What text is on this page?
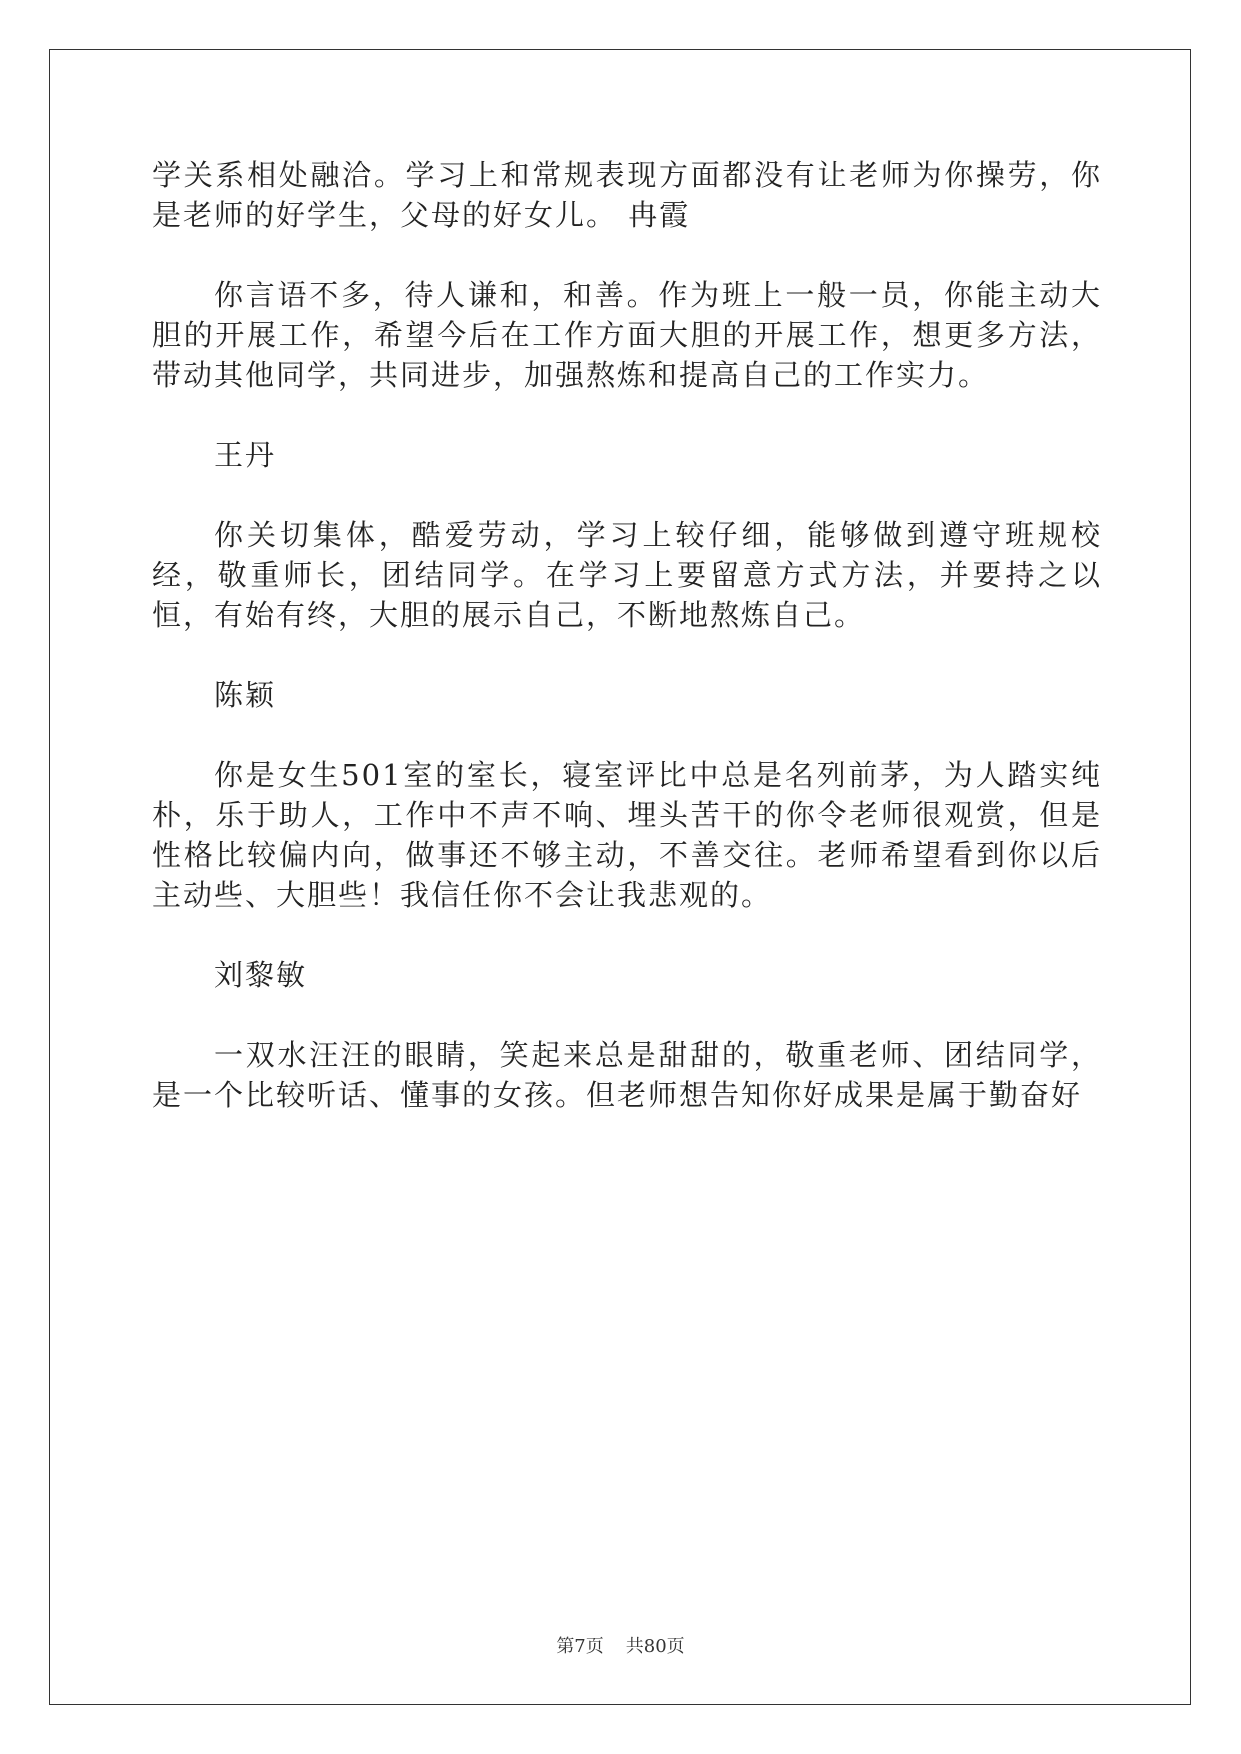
学关系相处融洽。学习上和常规表现方面都没有让老师为你操劳，你是老师的好学生，父母的好女儿。 冉霞

你言语不多，待人谦和，和善。作为班上一般一员，你能主动大胆的开展工作，希望今后在工作方面大胆的开展工作，想更多方法，带动其他同学，共同进步，加强熬炼和提高自己的工作实力。

王丹

你关切集体，酷爱劳动，学习上较仔细，能够做到遵守班规校经，敬重师长，团结同学。在学习上要留意方式方法，并要持之以恒，有始有终，大胆的展示自己，不断地熬炼自己。

陈颖

你是女生501室的室长，寝室评比中总是名列前茅，为人踏实纯朴，乐于助人，工作中不声不响、埋头苦干的你令老师很观赏，但是性格比较偏内向，做事还不够主动，不善交往。老师希望看到你以后主动些、大胆些！我信任你不会让我悲观的。

刘黎敏

一双水汪汪的眼睛，笑起来总是甜甜的，敬重老师、团结同学，是一个比较听话、懂事的女孩。但老师想告知你好成果是属于勤奋好

第7页 共80页
